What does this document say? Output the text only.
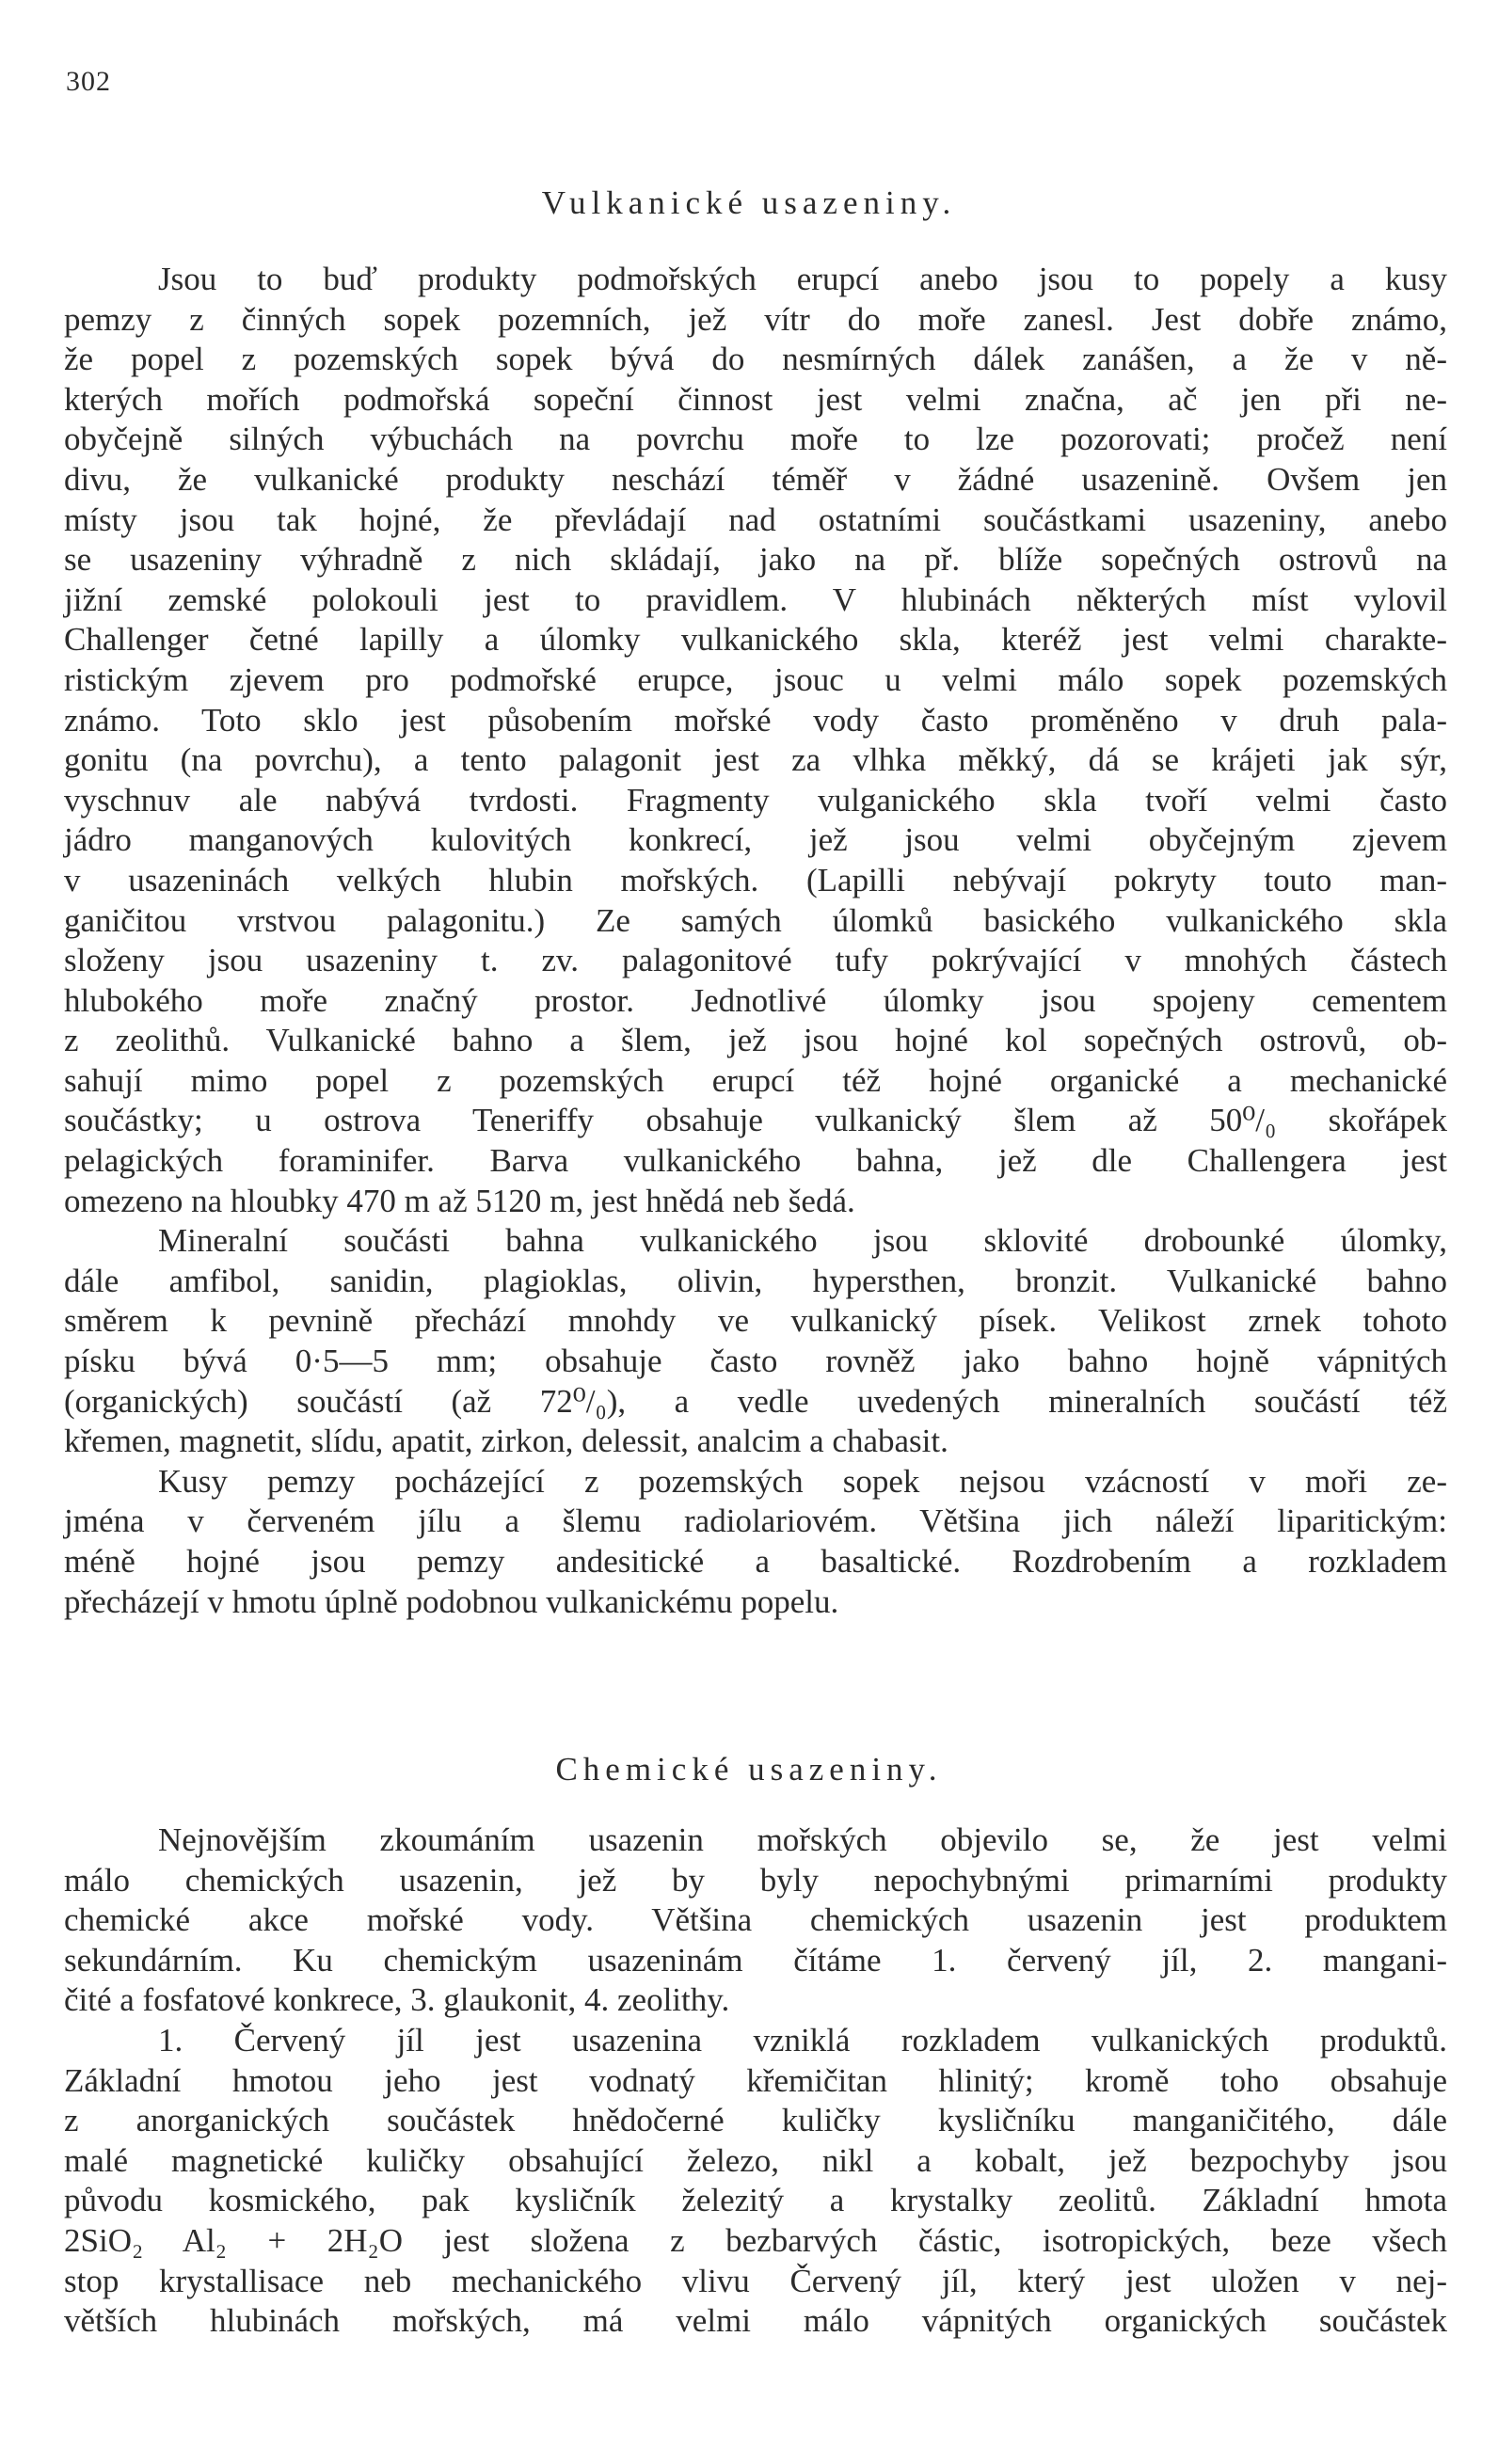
302
Vulkanické usazeniny.
Jsou to buď produkty podmořských erupcí anebo jsou to popely a kusy
pemzy z činných sopek pozemních, jež vítr do moře zanesl. Jest dobře známo,
že popel z pozemských sopek bývá do nesmírných dálek zanášen, a že v ně-
kterých mořích podmořská sopeční činnost jest velmi značna, ač jen při ne-
obyčejně silných výbuchách na povrchu moře to lze pozorovati; pročež není
divu, že vulkanické produkty neschází téměř v žádné usazenině. Ovšem jen
místy jsou tak hojné, že převládají nad ostatními součástkami usazeniny, anebo
se usazeniny výhradně z nich skládají, jako na př. blíže sopečných ostrovů na
jižní zemské polokouli jest to pravidlem. V hlubinách některých míst vylovil
Challenger četné lapilly a úlomky vulkanického skla, kteréž jest velmi charakte-
ristickým zjevem pro podmořské erupce, jsouc u velmi málo sopek pozemských
známo. Toto sklo jest působením mořské vody často proměněno v druh pala-
gonitu (na povrchu), a tento palagonit jest za vlhka měkký, dá se krájeti jak sýr,
vyschnuv ale nabývá tvrdosti. Fragmenty vulganického skla tvoří velmi často
jádro manganových kulovitých konkrecí, jež jsou velmi obyčejným zjevem
v usazeninách velkých hlubin mořských. (Lapilli nebývají pokryty touto man-
ganičitou vrstvou palagonitu.) Ze samých úlomků basického vulkanického skla
složeny jsou usazeniny t. zv. palagonitové tufy pokrývající v mnohých částech
hlubokého moře značný prostor. Jednotlivé úlomky jsou spojeny cementem
z zeolithů. Vulkanické bahno a šlem, jež jsou hojné kol sopečných ostrovů, ob-
sahují mimo popel z pozemských erupcí též hojné organické a mechanické
součástky; u ostrova Teneriffy obsahuje vulkanický šlem až 50⁰/₀ skořápek
pelagických foraminifer. Barva vulkanického bahna, jež dle Challengera jest
omezeno na hloubky 470 m až 5120 m, jest hnědá neb šedá.
Mineralní součásti bahna vulkanického jsou sklovité drobounké úlomky,
dále amfibol, sanidin, plagioklas, olivin, hypersthen, bronzit. Vulkanické bahno
směrem k pevnině přechází mnohdy ve vulkanický písek. Velikost zrnek tohoto
písku bývá 0·5—5 mm; obsahuje často rovněž jako bahno hojně vápnitých
(organických) součástí (až 72⁰/₀), a vedle uvedených mineralních součástí též
křemen, magnetit, slídu, apatit, zirkon, delessit, analcim a chabasit.
Kusy pemzy pocházející z pozemských sopek nejsou vzácností v moři ze-
jména v červeném jílu a šlemu radiolariovém. Většina jich náleží liparitickým:
méně hojné jsou pemzy andesitické a basaltické. Rozdrobením a rozkladem
přecházejí v hmotu úplně podobnou vulkanickému popelu.
Chemické usazeniny.
Nejnovějším zkoumáním usazenin mořských objevilo se, že jest velmi
málo chemických usazenin, jež by byly nepochybnými primarními produkty
chemické akce mořské vody. Většina chemických usazenin jest produktem
sekundárním. Ku chemickým usazeninám čítáme 1. červený jíl, 2. mangani-
čité a fosfatové konkrece, 3. glaukonit, 4. zeolithy.
1. Červený jíl jest usazenina vzniklá rozkladem vulkanických produktů.
Základní hmotou jeho jest vodnatý křemičitan hlinitý; kromě toho obsahuje
z anorganických součástek hnědočerné kuličky kysličníku manganičitého, dále
malé magnetické kuličky obsahující železo, nikl a kobalt, jež bezpochyby jsou
původu kosmického, pak kysličník železitý a krystalky zeolitů. Základní hmota
2SiO₂ Al₂ + 2H₂O jest složena z bezbarvých částic, isotropických, beze všech
stop krystallisace neb mechanického vlivu Červený jíl, který jest uložen v nej-
větších hlubinách mořských, má velmi málo vápnitých organických součástek
